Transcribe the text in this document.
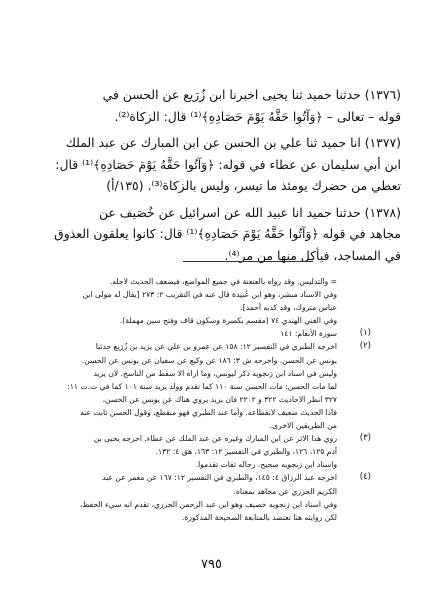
(١٣٧٦) حدثنا حميد ثنا يحيى اخبرنا ابن زُرَيع عن الحسن في
قوله – تعالى – ﴿وَآتُوا حَقَّهُ يَوْمَ حَصَادِهِ﴾⁽¹⁾ قال: الزكاة⁽²⁾.
(١٣٧٧) انا حميد ثنا علي بن الحسن عن ابن المبارك عن عبد الملك
ابن أبي سليمان عن عطاء في قوله: ﴿وَآتُوا حَقَّهُ يَوْمَ حَصَادِهِ﴾⁽¹⁾ قال:
تعطي من حضرك يومئذ ما تيسر، وليس بالزكاة⁽³⁾. (١٣٥/أ)
(١٣٧٨) حدثنا حميد انا عبيد الله عن اسرائيل عن خُصَيف عن
مجاهد في قوله ﴿وَآتُوا حَقَّهُ يَوْمَ حَصَادِهِ﴾⁽¹⁾ قال: كانوا يعلقون العذوق
في المساجد، فيأكل منها من مر⁽⁴⁾.
= والتدليس. وقد رواه بالعنعنة في جميع المواضع، فيضعف الحديث لاجله.
وفي الاسناد مبشر، وهو ابن عُبيدة قال عنه في التقريب ٢: ٢٧٣ [يقال له مولى ابن
عباس متروك، وقد كذبه أحمد].
وفي الغني الهندي ٧٤ (مقسم بكسرة وسكون قاف وفتح سين مهملة).
(١)
سورة الأنعام: ١٤١
(٢)
اخرجه الطبري في التفسير ١٢: ١٥٨ عن عمرو بن علي عن يزيد بن زُرَيع حدثنا
يونس عن الحسن. واخرجه ش ٣: ١٨٦ عن وكيع عن سفيان عن يونس عن الحسن.
وليس في اسناد ابن زنجويه ذكر ليونس، وما اراه الا سقط من الناسخ. لان يزيد
لما مات الحسن: مات الحسن سنة ١١٠ كما تقدم وولد يزيد سنة ١٠١ كما في ت.ت ١١:
٣٢٧ انظر الاحاديث ٣٢٢ و ٢٢٠٢ فان يزيد يروي هناك عن يونس عن الحسن،
فاذا الحديث ضعيف لانقطاعه. وأما عند الطبري فهو منقطع، وقول الحسن ثابت عنه
من الطريقين الاخرى.
(٣)
روي هذا الاثر عن ابن المبارك وغيره عن عبد الملك عن عطاء. اخرجه يحيى بن
آدم ١٢٥، ١٢٦، والطبري في التفسير ١٢: ١٦٣، هق ٤: ١٣٢.
واسناد ابن زنجويه صحيح. رجاله ثقات تقدموا.
(٤)
اخرجه عبد الرزاق ٤: ١٤٥، والطبري في التفسير ١٢: ١٦٧ عن معمر عن عبد
الكريم الجزري عن مجاهد بمعناه.
وفي اسناد ابن زنجويه خصيف وهو ابن عبد الرحمن الجزري، تقدم انه سيء الحفظ،
لكن روايته هنا تعتضد بالمتابعة الصحيحة المذكورة.
٧٩٥
